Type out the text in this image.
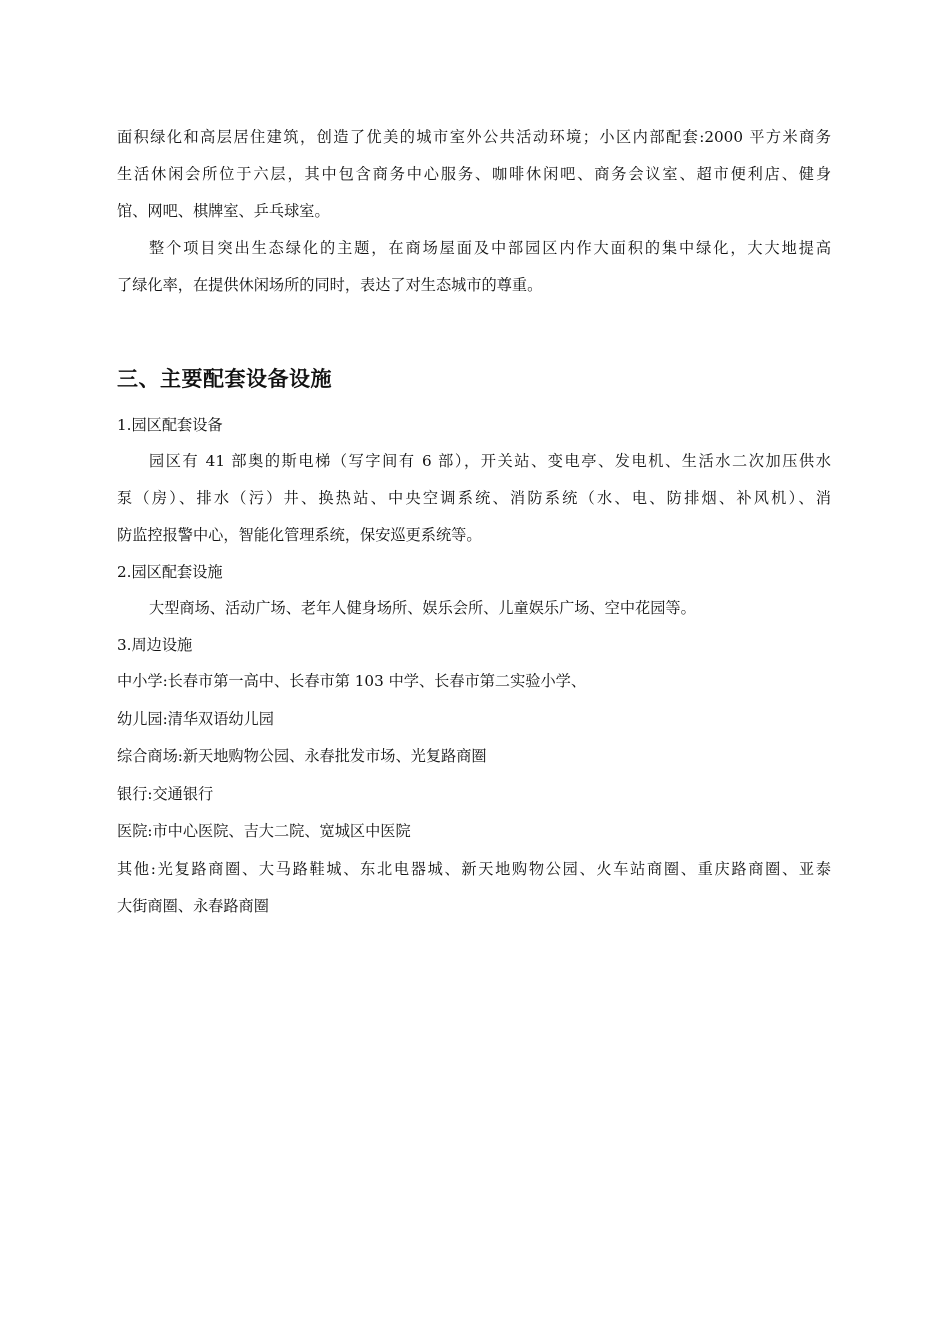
面积绿化和高层居住建筑，创造了优美的城市室外公共活动环境；小区内部配套:2000 平方米商务

生活休闲会所位于六层，其中包含商务中心服务、咖啡休闲吧、商务会议室、超市便利店、健身

馆、网吧、棋牌室、乒乓球室。

整个项目突出生态绿化的主题，在商场屋面及中部园区内作大面积的集中绿化，大大地提高

了绿化率，在提供休闲场所的同时，表达了对生态城市的尊重。

三、主要配套设备设施

1.园区配套设备

园区有 41 部奥的斯电梯（写字间有 6 部），开关站、变电亭、发电机、生活水二次加压供水

泵（房）、排水（污）井、换热站、中央空调系统、消防系统（水、电、防排烟、补风机）、消

防监控报警中心，智能化管理系统，保安巡更系统等。

2.园区配套设施

大型商场、活动广场、老年人健身场所、娱乐会所、儿童娱乐广场、空中花园等。

3.周边设施

中小学:长春市第一高中、长春市第 103 中学、长春市第二实验小学、

幼儿园:清华双语幼儿园

综合商场:新天地购物公园、永春批发市场、光复路商圈

银行:交通银行

医院:市中心医院、吉大二院、宽城区中医院

其他:光复路商圈、大马路鞋城、东北电器城、新天地购物公园、火车站商圈、重庆路商圈、亚泰

大街商圈、永春路商圈
